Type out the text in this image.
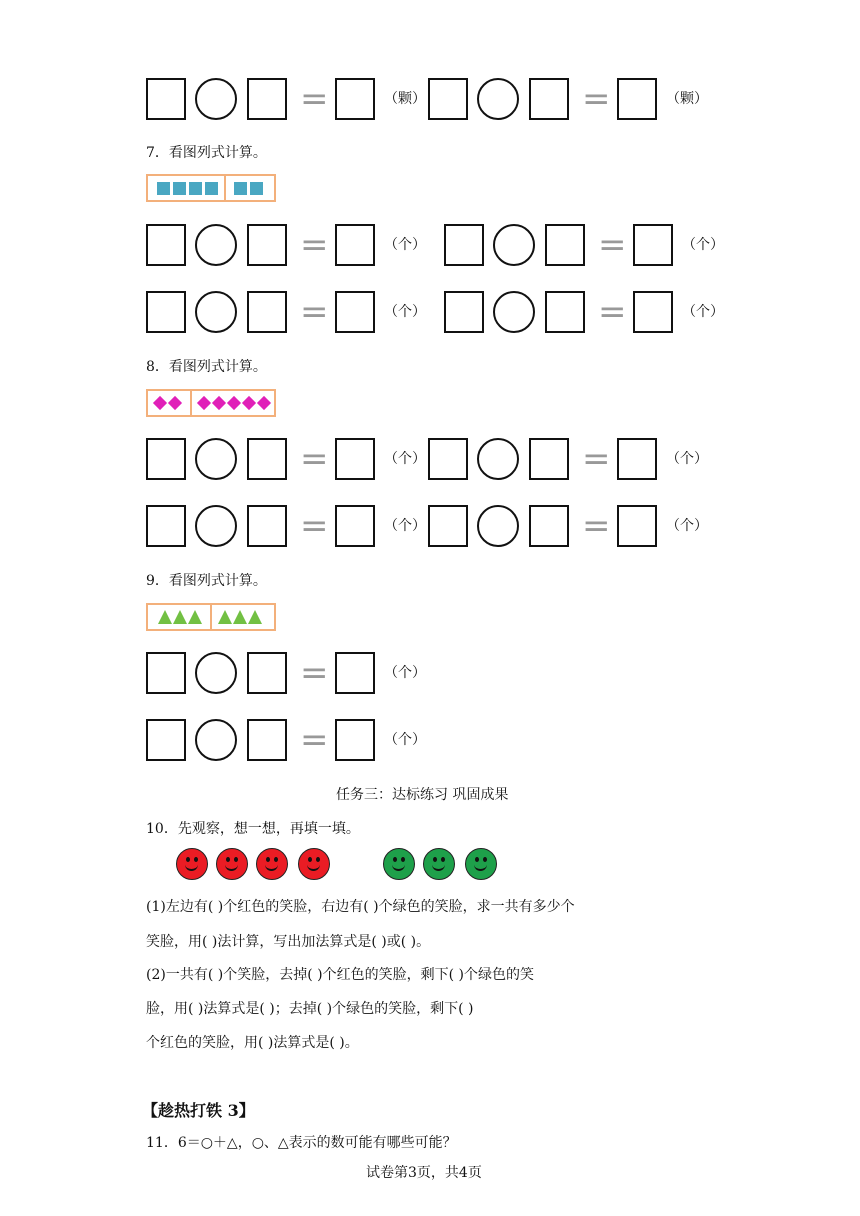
=	（颗）	=	（颗）
=	（个）	=	（个）
=	（个）	=	（个）
=	（个）	=	（个）
=	（个）	=	（个）
=	（个）
=	（个）
7．看图列式计算。
8．看图列式计算。
9．看图列式计算。
任务三：达标练习 巩固成果
10．先观察，想一想，再填一填。
(1)左边有( )个红色的笑脸，右边有( )个绿色的笑脸，求一共有多少个
笑脸，用( )法计算，写出加法算式是( )或( )。
(2)一共有( )个笑脸，去掉( )个红色的笑脸，剩下( )个绿色的笑
脸，用( )法算式是( )；去掉( )个绿色的笑脸，剩下( )
个红色的笑脸，用( )法算式是( )。
【趁热打铁 3】
11．6＝○＋△，○、△表示的数可能有哪些可能？
试卷第3页，共4页
